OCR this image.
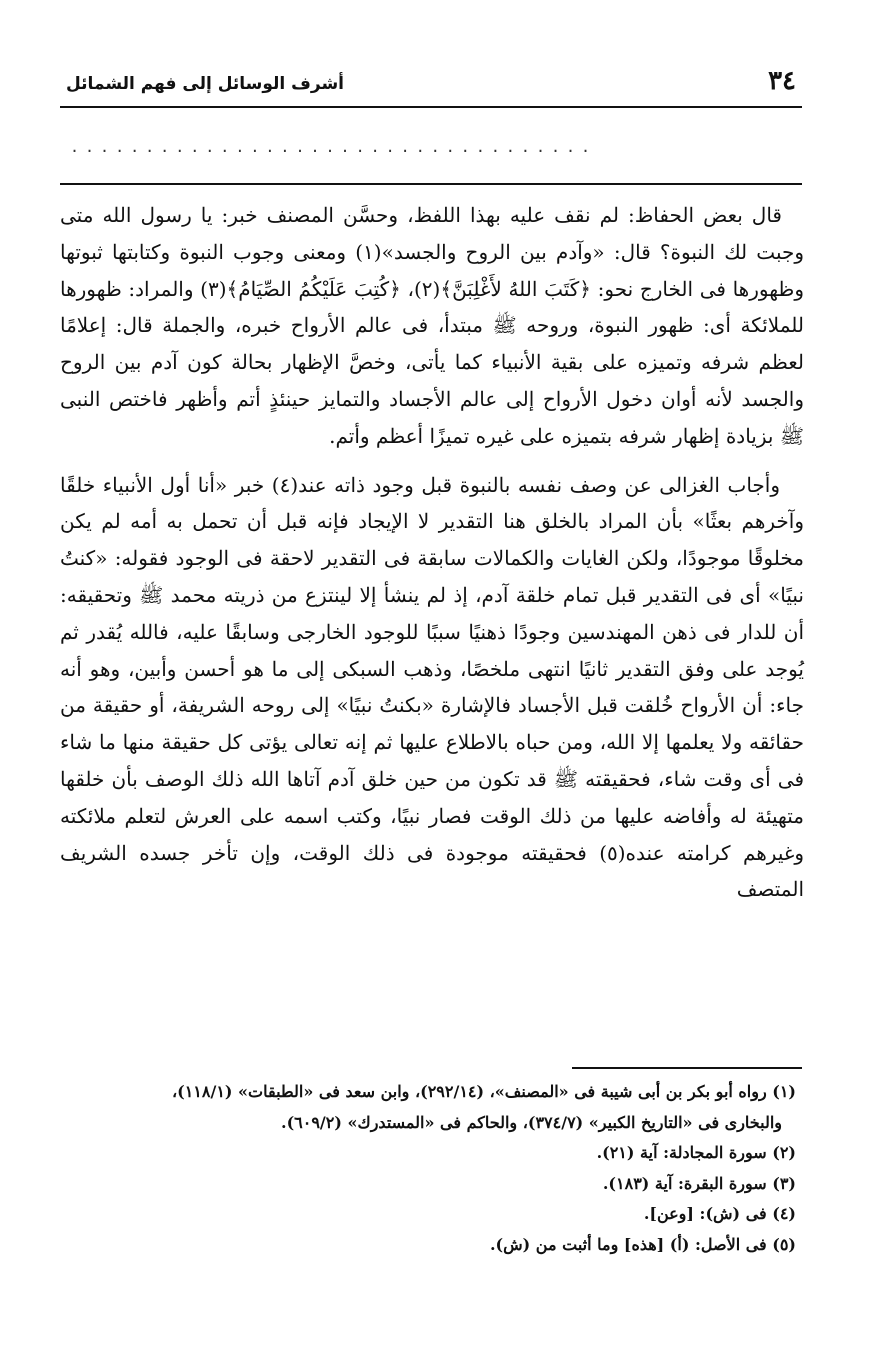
٣٤
أشرف الوسائل إلى فهم الشمائل
...................................

قال بعض الحفاظ: لم نقف عليه بهذا اللفظ، وحسَّن المصنف خبر: يا رسول الله متى وجبت لك النبوة؟ قال: «وآدم بين الروح والجسد»(١) ومعنى وجوب النبوة وكتابتها ثبوتها وظهورها فى الخارج نحو: ﴿كَتَبَ اللهُ لأَغْلِبَنَّ﴾(٢)، ﴿كُتِبَ عَلَيْكُمُ الصِّيَامُ﴾(٣) والمراد: ظهورها للملائكة أى: ظهور النبوة، وروحه ﷺ مبتدأ، فى عالم الأرواح خبره، والجملة قال: إعلامًا لعظم شرفه وتميزه على بقية الأنبياء كما يأتى، وخصَّ الإظهار بحالة كون آدم بين الروح والجسد لأنه أوان دخول الأرواح إلى عالم الأجساد والتمايز حينئذٍ أتم وأظهر فاختص النبى ﷺ بزيادة إظهار شرفه بتميزه على غيره تميزًا أعظم وأتم.

وأجاب الغزالى عن وصف نفسه بالنبوة قبل وجود ذاته عند(٤) خبر «أنا أول الأنبياء خلقًا وآخرهم بعثًا» بأن المراد بالخلق هنا التقدير لا الإيجاد فإنه قبل أن تحمل به أمه لم يكن مخلوقًا موجودًا، ولكن الغايات والكمالات سابقة فى التقدير لاحقة فى الوجود فقوله: «كنتُ نبيًا» أى فى التقدير قبل تمام خلقة آدم، إذ لم ينشأ إلا لينتزع من ذريته محمد ﷺ وتحقيقه: أن للدار فى ذهن المهندسين وجودًا ذهنيًا سببًا للوجود الخارجى وسابقًا عليه، فالله يُقدر ثم يُوجد على وفق التقدير ثانيًا انتهى ملخصًا، وذهب السبكى إلى ما هو أحسن وأبين، وهو أنه جاء: أن الأرواح خُلقت قبل الأجساد فالإشارة «بكنتُ نبيًا» إلى روحه الشريفة، أو حقيقة من حقائقه ولا يعلمها إلا الله، ومن حباه بالاطلاع عليها ثم إنه تعالى يؤتى كل حقيقة منها ما شاء فى أى وقت شاء، فحقيقته ﷺ قد تكون من حين خلق آدم آتاها الله ذلك الوصف بأن خلقها متهيئة له وأفاضه عليها من ذلك الوقت فصار نبيًا، وكتب اسمه على العرش لتعلم ملائكته وغيرهم كرامته عنده(٥) فحقيقته موجودة فى ذلك الوقت، وإن تأخر جسده الشريف المتصف

(١) رواه أبو بكر بن أبى شيبة فى «المصنف»، (٢٩٢/١٤)، وابن سعد فى «الطبقات» (١١٨/١)،

والبخارى فى «التاريخ الكبير» (٣٧٤/٧)، والحاكم فى «المستدرك» (٦٠٩/٢).

(٢) سورة المجادلة: آية (٢١).

(٣) سورة البقرة: آية (١٨٣).

(٤) فى (ش): [وعن].

(٥) فى الأصل: (أ) [هذه] وما أثبت من (ش).
